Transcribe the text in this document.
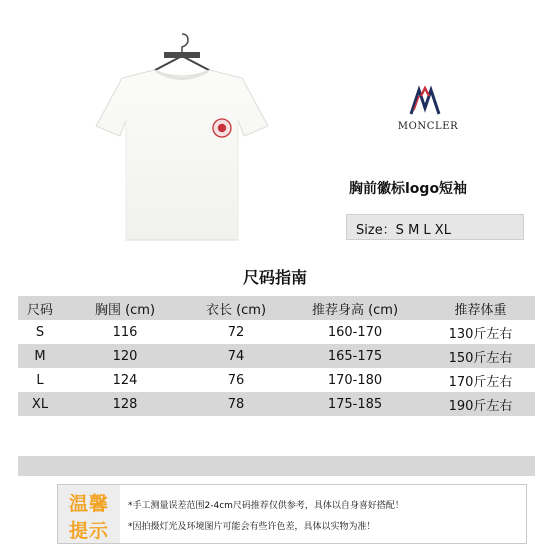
MONCLER
胸前徽标logo短袖
Size：S M L XL
尺码指南
尺码	胸围 (cm)	衣长 (cm)	推荐身高 (cm)	推荐体重
S	116	72	160-170	130斤左右
M	120	74	165-175	150斤左右
L	124	76	170-180	170斤左右
XL	128	78	175-185	190斤左右

温馨
提示
*手工测量误差范围2-4cm尺码推荐仅供参考，具体以自身喜好搭配！
*因拍摄灯光及环境图片可能会有些许色差，具体以实物为准！
